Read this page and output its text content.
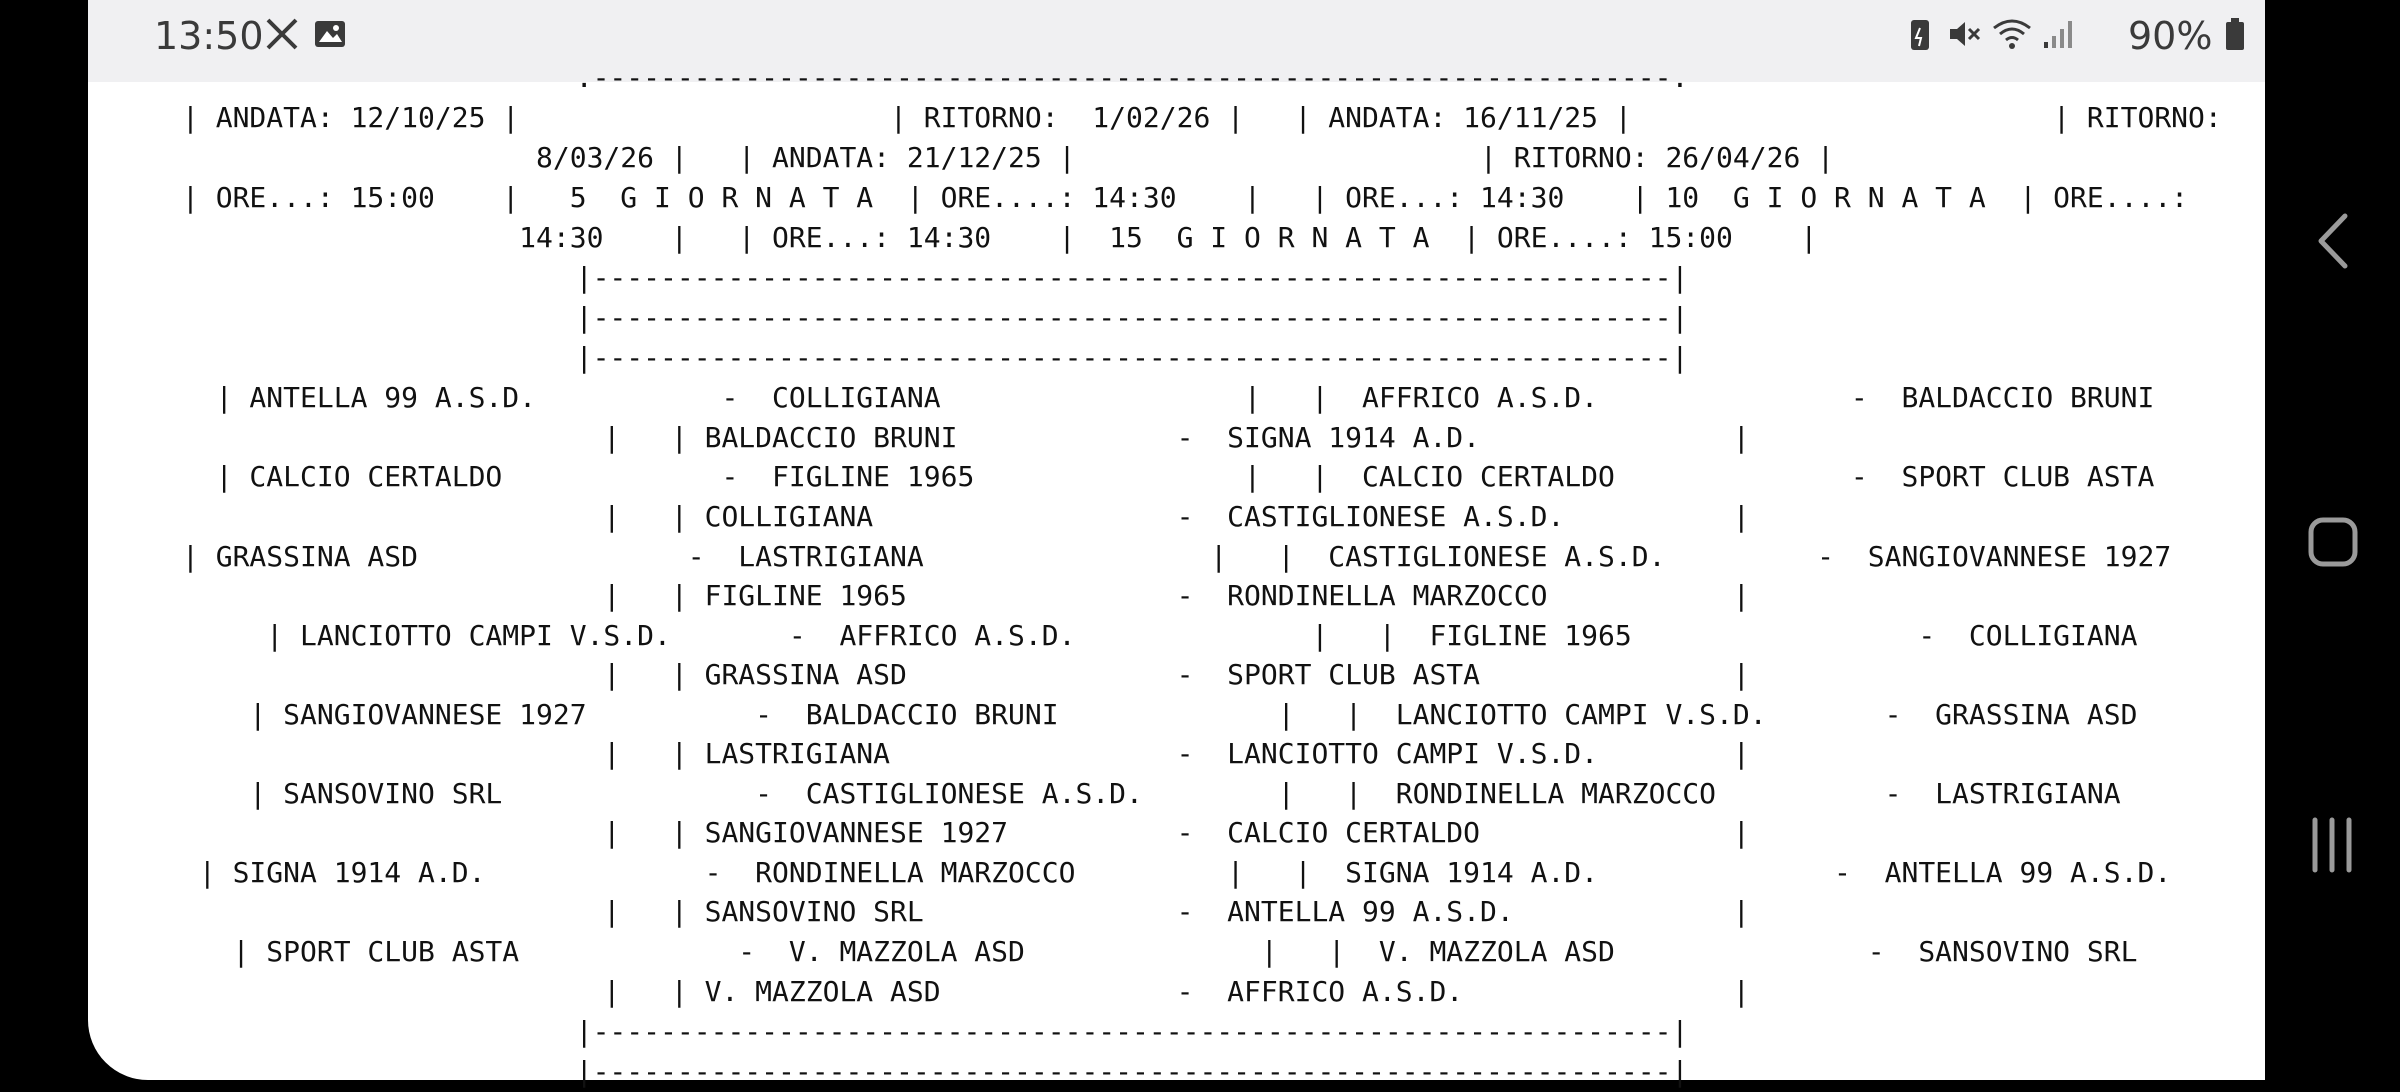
13:50	90%
.----------------------------------------------------------------.
| ANDATA: 12/10/25 |                      | RITORNO:  1/02/26 |   | ANDATA: 16/11/25 |                         | RITORNO:
8/03/26 |   | ANDATA: 21/12/25 |                        | RITORNO: 26/04/26 |
| ORE...: 15:00    |   5  G I O R N A T A  | ORE....: 14:30    |   | ORE...: 14:30    | 10  G I O R N A T A  | ORE....:
14:30    |   | ORE...: 14:30    |  15  G I O R N A T A  | ORE....: 15:00    |
|----------------------------------------------------------------|
|----------------------------------------------------------------|
|----------------------------------------------------------------|
| ANTELLA 99 A.S.D.           -  COLLIGIANA                  |   |  AFFRICO A.S.D.               -  BALDACCIO BRUNI
|   | BALDACCIO BRUNI             -  SIGNA 1914 A.D.               |
| CALCIO CERTALDO             -  FIGLINE 1965                |   |  CALCIO CERTALDO              -  SPORT CLUB ASTA
|   | COLLIGIANA                  -  CASTIGLIONESE A.S.D.          |
| GRASSINA ASD                -  LASTRIGIANA                 |   |  CASTIGLIONESE A.S.D.         -  SANGIOVANNESE 1927
|   | FIGLINE 1965                -  RONDINELLA MARZOCCO           |
| LANCIOTTO CAMPI V.S.D.       -  AFFRICO A.S.D.              |   |  FIGLINE 1965                 -  COLLIGIANA
|   | GRASSINA ASD                -  SPORT CLUB ASTA               |
| SANGIOVANNESE 1927          -  BALDACCIO BRUNI             |   |  LANCIOTTO CAMPI V.S.D.       -  GRASSINA ASD
|   | LASTRIGIANA                 -  LANCIOTTO CAMPI V.S.D.        |
| SANSOVINO SRL               -  CASTIGLIONESE A.S.D.        |   |  RONDINELLA MARZOCCO          -  LASTRIGIANA
|   | SANGIOVANNESE 1927          -  CALCIO CERTALDO               |
| SIGNA 1914 A.D.             -  RONDINELLA MARZOCCO         |   |  SIGNA 1914 A.D.              -  ANTELLA 99 A.S.D.
|   | SANSOVINO SRL               -  ANTELLA 99 A.S.D.             |
| SPORT CLUB ASTA             -  V. MAZZOLA ASD              |   |  V. MAZZOLA ASD               -  SANSOVINO SRL
|   | V. MAZZOLA ASD              -  AFFRICO A.S.D.                |
|----------------------------------------------------------------|
|----------------------------------------------------------------|
